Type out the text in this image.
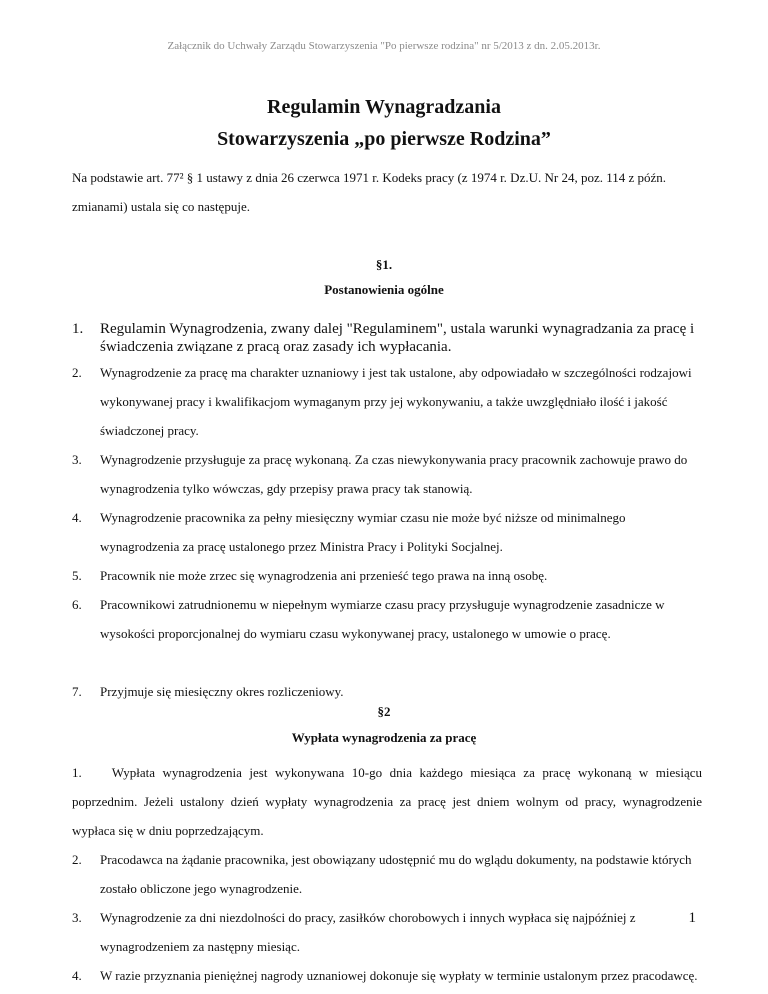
Załącznik do Uchwały Zarządu Stowarzyszenia "Po pierwsze rodzina" nr 5/2013 z dn. 2.05.2013r.
Regulamin Wynagradzania
Stowarzyszenia „po pierwsze Rodzina”
Na podstawie art. 77² § 1 ustawy z dnia 26 czerwca 1971 r. Kodeks pracy (z 1974 r. Dz.U. Nr 24, poz. 114 z późn. zmianami) ustala się co następuje.
§1.
Postanowienia ogólne
1. Regulamin Wynagrodzenia, zwany dalej "Regulaminem", ustala warunki wynagradzania za pracę i świadczenia związane z pracą oraz zasady ich wypłacania.
2. Wynagrodzenie za pracę ma charakter uznaniowy i jest tak ustalone, aby odpowiadało w szczególności rodzajowi wykonywanej pracy i kwalifikacjom wymaganym przy jej wykonywaniu, a także uwzględniało ilość i jakość świadczonej pracy.
3. Wynagrodzenie przysługuje za pracę wykonaną. Za czas niewykonywania pracy pracownik zachowuje prawo do wynagrodzenia tylko wówczas, gdy przepisy prawa pracy tak stanowią.
4. Wynagrodzenie pracownika za pełny miesięczny wymiar czasu nie może być niższe od minimalnego wynagrodzenia za pracę ustalonego przez Ministra Pracy i Polityki Socjalnej.
5. Pracownik nie może zrzec się wynagrodzenia ani przenieść tego prawa na inną osobę.
6. Pracownikowi zatrudnionemu w niepełnym wymiarze czasu pracy przysługuje wynagrodzenie zasadnicze w wysokości proporcjonalnej do wymiaru czasu wykonywanej pracy, ustalonego w umowie o pracę.
7. Przyjmuje się miesięczny okres rozliczeniowy.
§2
Wypłata wynagrodzenia za pracę
1. Wypłata wynagrodzenia jest wykonywana 10-go dnia każdego miesiąca za pracę wykonaną w miesiącu poprzednim. Jeżeli ustalony dzień wypłaty wynagrodzenia za pracę jest dniem wolnym od pracy, wynagrodzenie wypłaca się w dniu poprzedzającym.
2. Pracodawca na żądanie pracownika, jest obowiązany udostępnić mu do wglądu dokumenty, na podstawie których zostało obliczone jego wynagrodzenie.
1
3. Wynagrodzenie za dni niezdolności do pracy, zasiłków chorobowych i innych wypłaca się najpóźniej z wynagrodzeniem za następny miesiąc.
4. W razie przyznania pieniężnej nagrody uznaniowej dokonuje się wypłaty w terminie ustalonym przez pracodawcę.
